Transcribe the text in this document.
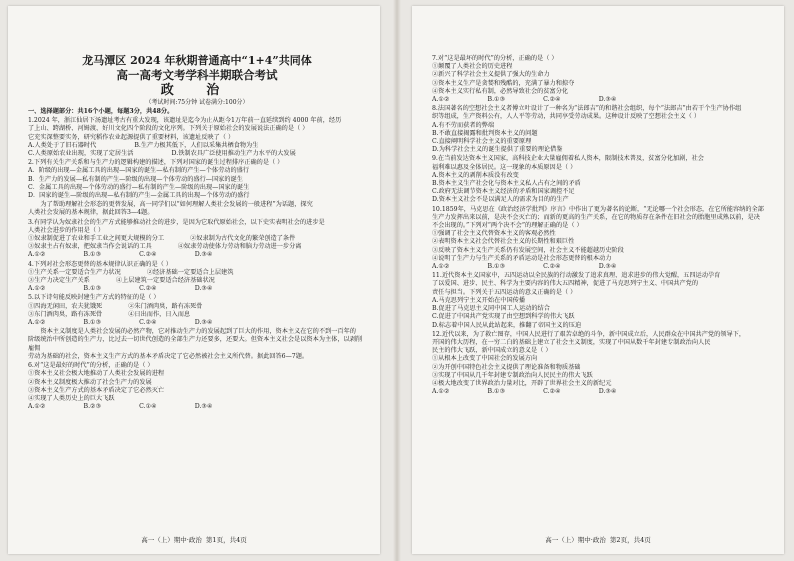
龙马潭区 2024 年秋期普通高中“1+4”共同体

高一高考文考学科半期联合考试

政 治

（考试时间:75分钟 试卷满分:100分）

一、选择题部分：共16个小题，每题3分，共48分。

1.2024 年，浙江仙居下汤遗址考古有重大发现，该遗址是迄今为止从距今1万年前一直延续到约 4000 年前，经历

了上山、跨湖桥、河姆渡、好川文化四个阶段的文化序列。下列关于原始社会的发展说法正确的是（ ）

它充实深整要实务，研究稻作农业起源提供了重要材料，该遗址反映了（ ）

A.人类处于了旧石器时代	B.生产力极其低下，人们以采集共栖食物为生
C.人类原始农业出现，实现了定居生活	D.铁制农具广泛使用推动生产力水平的大发展

2.下列有关生产关系和与生产力的逻辑构建的描述，下列对国家的诞生过程排序正确的是（ ）

A．阶级的出现—金属工具的出现—国家的诞生—私有制的产生—个体劳动的盛行

B．生产力的发展—私有制的产生—阶级的出现—个体劳动的盛行—国家的诞生

C．金属工具的出现—个体劳动的盛行—私有制的产生—阶级的出现—国家的诞生

D．国家的诞生—阶级的出现—私有制的产生—金属工具的出现—个体劳动的盛行

为了帮助理解社会形态的更替发展，高一同学们以“如何理解人类社会发展的一般进程”为话题，探究

人类社会发展的基本规律，据此回答3—4题。

3.有同学认为奴隶社会的生产方式能够推动社会的进步，是因为它取代原始社会，以下史实表明社会的进步是

人类社会进步的作用是（ ）

①奴隶制促进了农业和手工业之间更大规模的分工	②奴隶制为古代文化的繁荣创造了条件
③奴隶主占有奴隶，把奴隶当作会说话的工具	④奴隶劳动使体力劳动和脑力劳动进一步分离
A.①②	B.①③	C.②④	D.③④

4.下列对社会形态更替的基本规律认识正确的是（ ）

①生产关系一定要适合生产力状况	②经济基础一定要适合上层建筑
③生产力决定生产关系	④上层建筑一定要适合经济基础状况
A.①②	B.①③	C.②④	D.③④

5.以下诗句能反映封建生产方式的特征的是（ ）

①四海无闲田，农夫犹饿死	②朱门酒肉臭，路有冻死骨
③东门酒肉臭，路有冻死骨	④日出而作，日入而息
A.①②	B.①③	C.②④	D.③④

资本主义制度是人类社会发展的必然产物，它对推动生产力的发展起到了巨大的作用，资本主义在它的不到一百年的

阶级统治中所创造的生产力，比过去一切世代创造的全部生产力还要多，还要大。但资本主义社会是以资本为主体，以剥削雇佣

劳动为基础的社会，资本主义生产方式的基本矛盾决定了它必然被社会主义所代替。据此回答6—7题。

6.对“这是最好的时代”的分析，正确的是（ ）

①资本主义社会极大地推动了人类社会发展的进程

②资本主义制度极大推动了社会生产力的发展

③资本主义生产方式的基本矛盾决定了它必然灭亡

④实现了人类历史上的巨大飞跃

A.①②	B.②③	C.①④	D.③④
高一（上）期中·政治 第1页，共4页

7.对“这是最坏的时代”的分析，正确的是（ ）

①颠覆了人类社会的历史进程

②新兴了科学社会主义提供了强大的生命力

③资本主义生产是贪婪和残酷的，充满了暴力和掠夺

④资本主义实行私有制，必然导致社会的贫富分化

A.①②	B.①③	C.②④	D.③④

8.法国著名的空想社会主义者傅立叶设计了一种名为“法郎吉”的和谐社会组织，每个“法郎吉”由若干个生产协作组

织等组成，生产资料公有，人人平等劳动，共同享受劳动成果。这种设计反映了空想社会主义（ ）

A.有不劳而获者的弊端

B.不敢直接揭露和批判资本主义的问题

C.直接阐明科学社会主义的重要原理

D.为科学社会主义的诞生提供了重要的理论借鉴

9.在当前发达资本主义国家，高科技企业大量雇佣着私人资本，限制技术普及，贫富分化加剧，社会

福利难以惠及全体居民。这一现象的本质原因是（ ）

A.资本主义的剥削本质没有改变

B.资本主义生产社会化与资本主义私人占有之间的矛盾

C.政府无法调节资本主义经济的矛盾和国家调控不足

D.资本主义社会不是以满足人的需求为目的的生产

10.1859年，马克思在《政治经济学批判》序言》中作出了更为著名的论断，“无论哪一个社会形态，在它所能容纳的全部

生产力发挥出来以前，是决不会灭亡的；而新的更高的生产关系，在它的物质存在条件在旧社会的胎胞里成熟以前，是决

不会出现的。”下列对“两个决不会”的理解正确的是（ ）

①强调了社会主义代替资本主义的客观必然性

②表明资本主义社会代替社会主义的长期性和艰巨性

③反映了资本主义生产关系仍有发展空间，社会主义不能超越历史阶段

④说明了生产力与生产关系的矛盾运动是社会形态更替的根本动力

A.①②	B.①③	C.②④	D.③④

11.近代资本主义国家中，五四运动以全民族的行动激发了追求真理、追求进步的伟大觉醒，五四运动孕育

了以爱国、进步、民主、科学为主要内容的伟大五四精神，促进了马克思列宁主义、中国共产党的

责任与担当。下列关于五四运动的意义正确的是（ ）

A.马克思列宁主义开始在中国传播

B.促进了马克思主义同中国工人运动的结合

C.促进了中国共产党实现了由空想到科学的伟大飞跃

D.标志着中国人民从此站起来，推翻了帝国主义的压迫

12.近代以来，为了救亡图存，中国人民进行了艰苦卓绝的斗争，新中国成立后，人民群众在中国共产党的领导下，

开国的伟大历程，在一穷二白的基础上建立了社会主义制度，实现了中国从数千年封建专制政治向人民

民主的伟大飞跃，新中国成立的意义是（ ）

①从根本上改变了中国社会的发展方向

②为开创中国特色社会主义提供了理论准备和物质基础

③实现了中国从几千年封建专制政治向人民民主的伟大飞跃

④极大地改变了世界政治力量对比，开辟了世界社会主义的新纪元

A.①②	B.①③	C.②④	D.③④
高一（上）期中·政治 第2页，共4页
